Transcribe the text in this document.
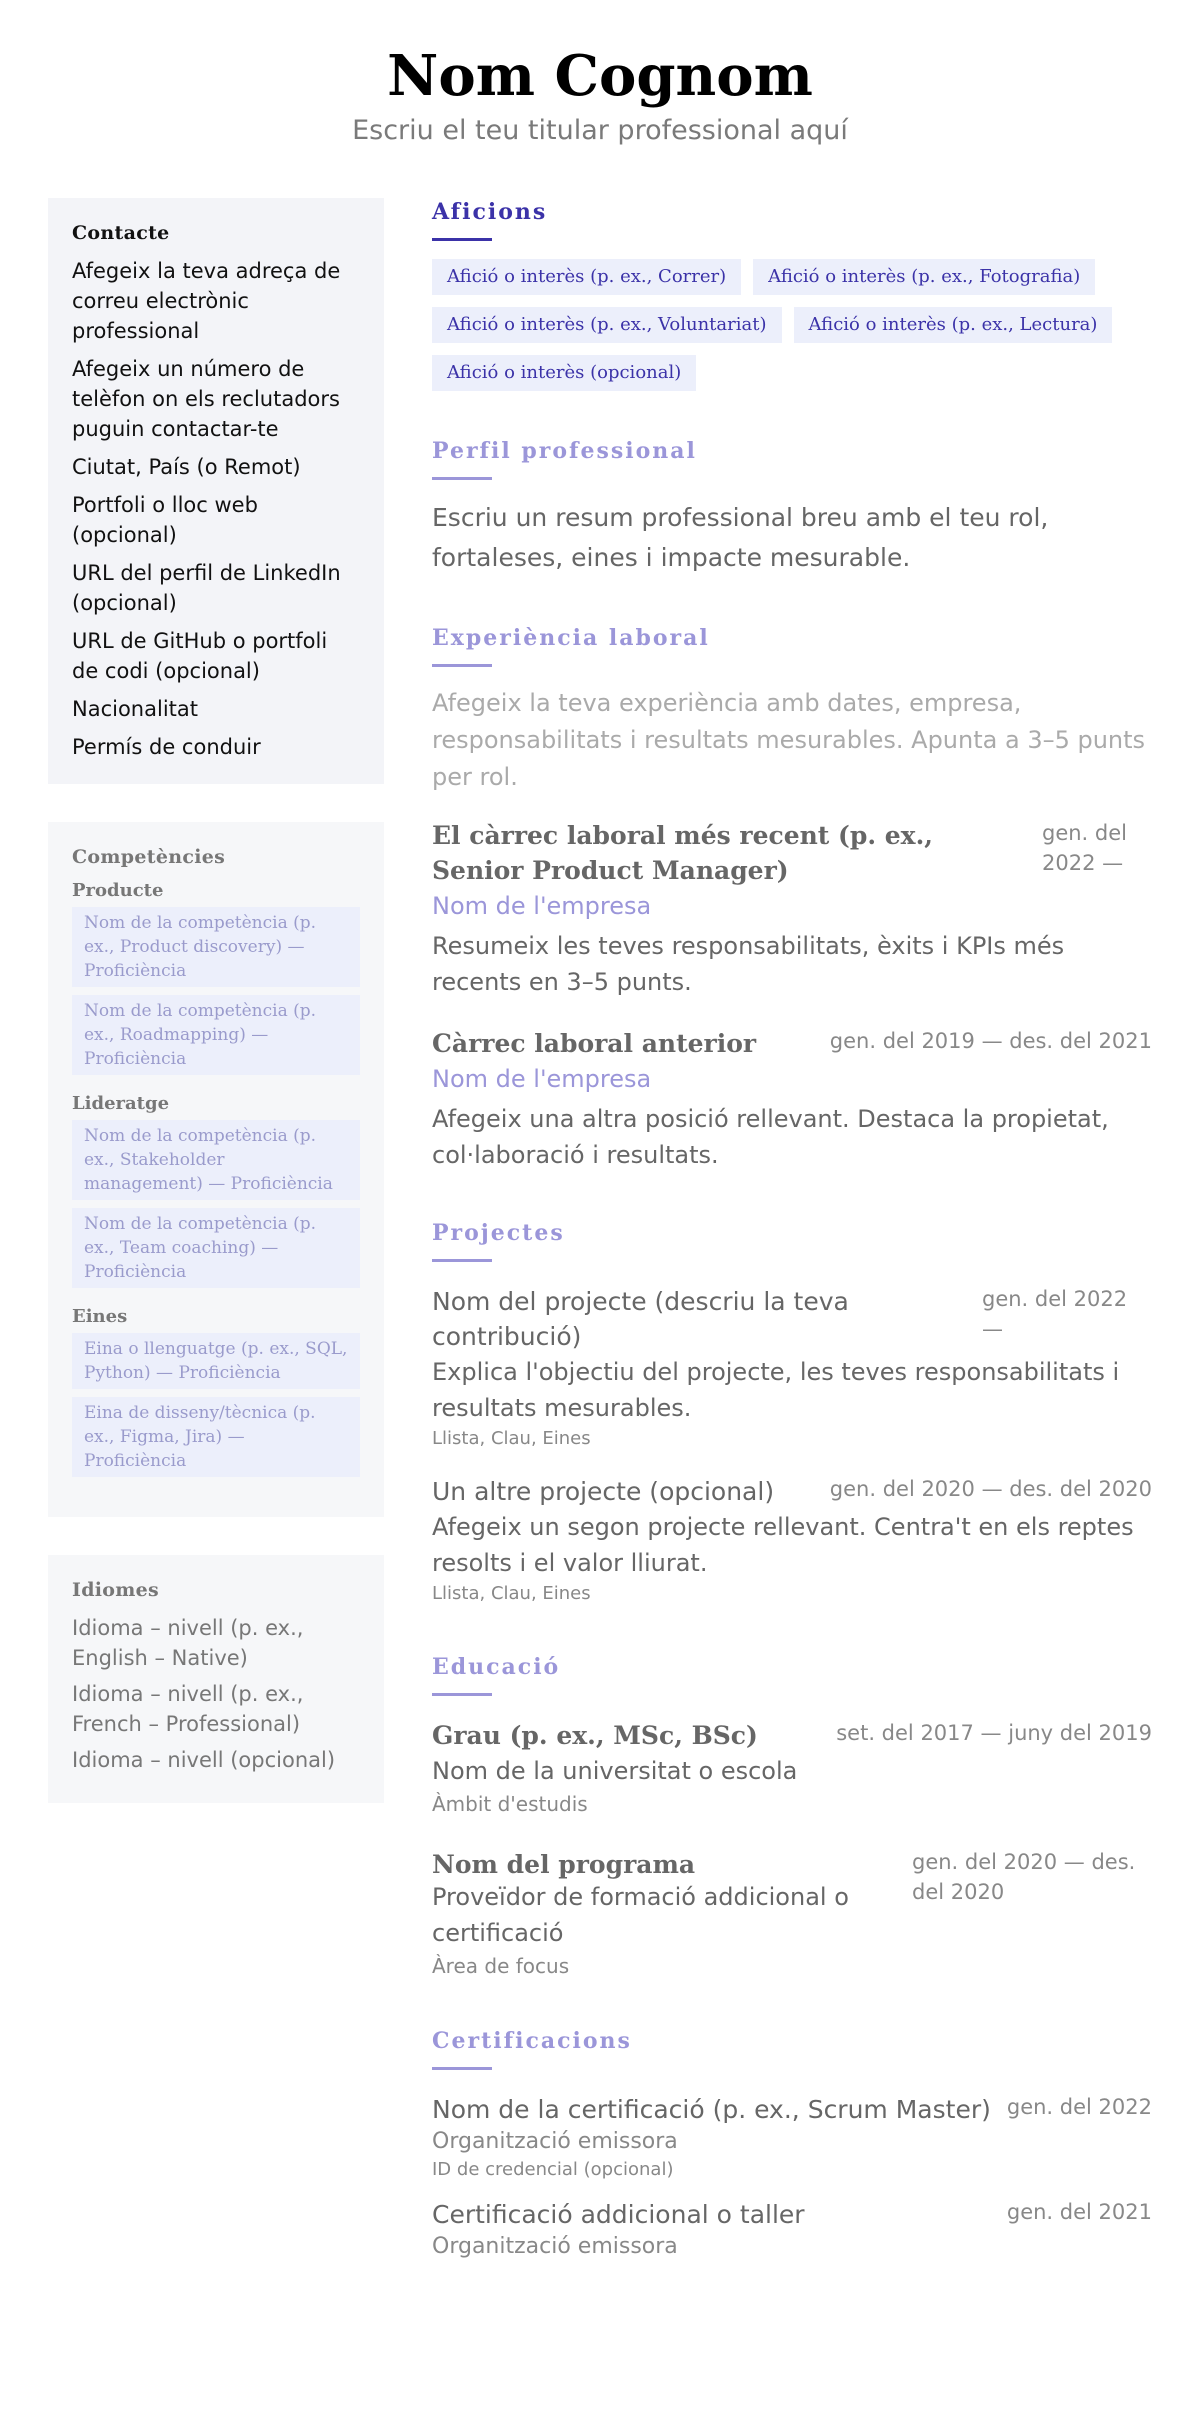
Nom Cognom
Escriu el teu titular professional aquí
Contacte
Afegeix la teva adreça de correu electrònic professional
Afegeix un número de telèfon on els reclutadors puguin contactar-te
Ciutat, País (o Remot)
Portfoli o lloc web (opcional)
URL del perfil de LinkedIn (opcional)
URL de GitHub o portfoli de codi (opcional)
Nacionalitat
Permís de conduir
Competències
Producte
Nom de la competència (p. ex., Product discovery) — Proficiència
Nom de la competència (p. ex., Roadmapping) — Proficiència
Lideratge
Nom de la competència (p. ex., Stakeholder management) — Proficiència
Nom de la competència (p. ex., Team coaching) — Proficiència
Eines
Eina o llenguatge (p. ex., SQL, Python) — Proficiència
Eina de disseny/tècnica (p. ex., Figma, Jira) — Proficiència
Idiomes
Idioma – nivell (p. ex., English – Native)
Idioma – nivell (p. ex., French – Professional)
Idioma – nivell (opcional)
Aficions
Afició o interès (p. ex., Correr)	Afició o interès (p. ex., Fotografia)
Afició o interès (p. ex., Voluntariat)	Afició o interès (p. ex., Lectura)
Afició o interès (opcional)
Perfil professional
Escriu un resum professional breu amb el teu rol, fortaleses, eines i impacte mesurable.
Experiència laboral
Afegeix la teva experiència amb dates, empresa, responsabilitats i resultats mesurables. Apunta a 3–5 punts per rol.
El càrrec laboral més recent (p. ex., Senior Product Manager)
gen. del 2022 —
Nom de l'empresa
Resumeix les teves responsabilitats, èxits i KPIs més recents en 3–5 punts.
Càrrec laboral anterior	gen. del 2019 — des. del 2021
Nom de l'empresa
Afegeix una altra posició rellevant. Destaca la propietat, col·laboració i resultats.
Projectes
Nom del projecte (descriu la teva contribució)
gen. del 2022 —
Explica l'objectiu del projecte, les teves responsabilitats i resultats mesurables.
Llista, Clau, Eines
Un altre projecte (opcional)	gen. del 2020 — des. del 2020
Afegeix un segon projecte rellevant. Centra't en els reptes resolts i el valor lliurat.
Llista, Clau, Eines
Educació
Grau (p. ex., MSc, BSc)	set. del 2017 — juny del 2019
Nom de la universitat o escola
Àmbit d'estudis
Nom del programa	gen. del 2020 — des. del 2020
Proveïdor de formació addicional o certificació
Àrea de focus
Certificacions
Nom de la certificació (p. ex., Scrum Master) gen. del 2022
Organització emissora
ID de credencial (opcional)
Certificació addicional o taller	gen. del 2021
Organització emissora
